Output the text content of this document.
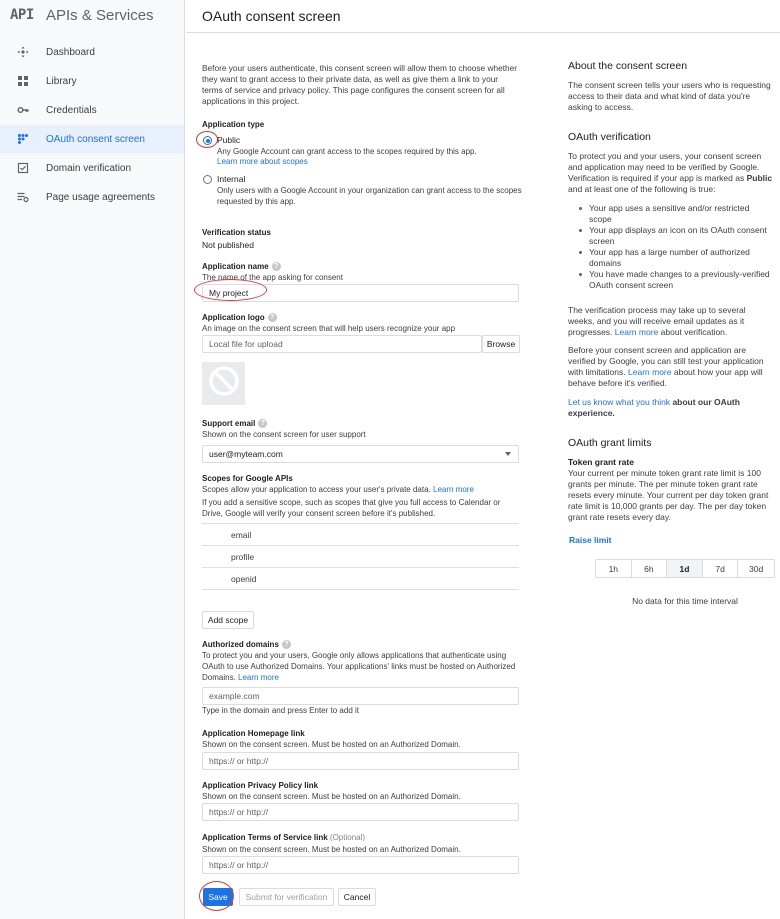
API APIs & Services
Dashboard
Library
Credentials
OAuth consent screen
Domain verification
Page usage agreements
OAuth consent screen
Before your users authenticate, this consent screen will allow them to choose whether they want to grant access to their private data, as well as give them a link to your terms of service and privacy policy. This page configures the consent screen for all applications in this project.
Application type
Public
Any Google Account can grant access to the scopes required by this app.
Learn more about scopes
Internal
Only users with a Google Account in your organization can grant access to the scopes requested by this app.
Verification status
Not published
Application name ?
The name of the app asking for consent
My project
Application logo ?
An image on the consent screen that will help users recognize your app
Local file for upload	Browse
Support email ?
Shown on the consent screen for user support
user@myteam.com
Scopes for Google APIs
Scopes allow your application to access your user's private data. Learn more
If you add a sensitive scope, such as scopes that give you full access to Calendar or Drive, Google will verify your consent screen before it's published.
email
profile
openid
Add scope
Authorized domains ?
To protect you and your users, Google only allows applications that authenticate using OAuth to use Authorized Domains. Your applications' links must be hosted on Authorized Domains. Learn more
example.com
Type in the domain and press Enter to add it
Application Homepage link
Shown on the consent screen. Must be hosted on an Authorized Domain.
https:// or http://
Application Privacy Policy link
Shown on the consent screen. Must be hosted on an Authorized Domain.
https:// or http://
Application Terms of Service link (Optional)
Shown on the consent screen. Must be hosted on an Authorized Domain.
https:// or http://
Save	Submit for verification	Cancel
About the consent screen

The consent screen tells your users who is requesting access to their data and what kind of data you're asking to access.

OAuth verification

To protect you and your users, your consent screen and application may need to be verified by Google. Verification is required if your app is marked as Public and at least one of the following is true:

Your app uses a sensitive and/or restricted scope
Your app displays an icon on its OAuth consent screen
Your app has a large number of authorized domains
You have made changes to a previously-verified OAuth consent screen

The verification process may take up to several weeks, and you will receive email updates as it progresses. Learn more about verification.

Before your consent screen and application are verified by Google, you can still test your application with limitations. Learn more about how your app will behave before it's verified.

Let us know what you think about our OAuth experience.

OAuth grant limits
Token grant rate

Your current per minute token grant rate limit is 100 grants per minute. The per minute token grant rate resets every minute. Your current per day token grant rate limit is 10,000 grants per day. The per day token grant rate resets every day.

Raise limit
1h	6h	1d	7d	30d
No data for this time interval
